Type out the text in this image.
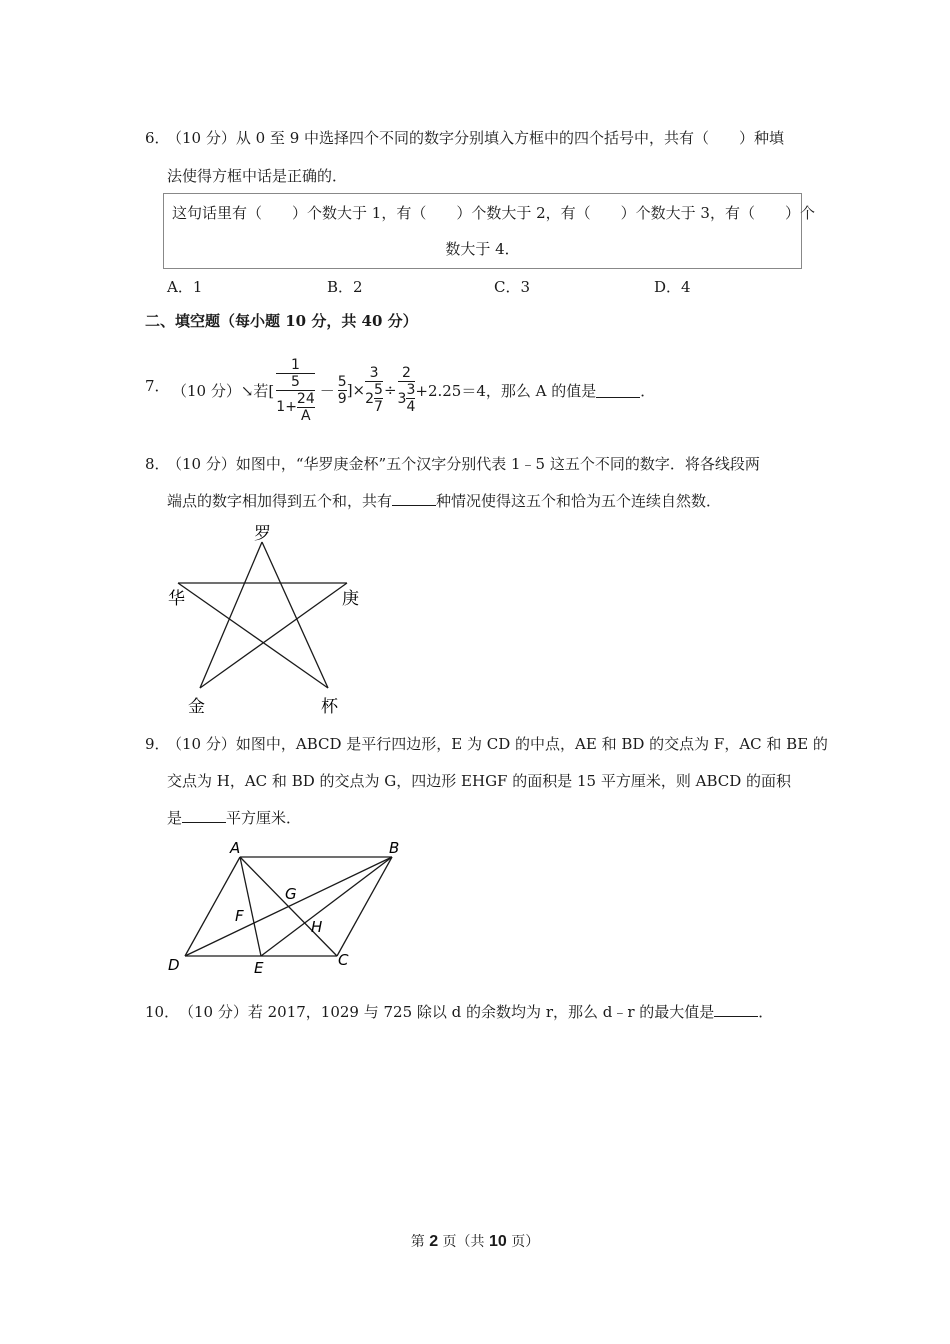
6．
（10 分）从 0 至 9 中选择四个不同的数字分别填入方框中的四个括号中，共有（　　）种填
法使得方框中话是正确的．
这句话里有（　　）个数大于 1，有（　　）个数大于 2，有（　　）个数大于 3，有（　　）个
数大于 4．
A．1	B．2	C．3	D．4
二、填空题（每小题 10 分，共 40 分）
7． （10 分）↘若[
1
5
$1+ \frac{24}{A} - \frac{5}{9}$ ]× $\frac{3}{2 \frac{5}{7}} \div \frac{2}{3 \frac{3}{4}} +2.25=4$，那么 A 的值是	．
8．
（10 分）如图中，“华罗庚金杯”五个汉字分别代表 1﹣5 这五个不同的数字．将各线段两
端点的数字相加得到五个和，共有	种情况使得这五个和恰为五个连续自然数．
罗
华	庚
金	杯
9．
（10 分）如图中，ABCD 是平行四边形，E 为 CD 的中点，AE 和 BD 的交点为 F，AC 和 BE 的
交点为 H，AC 和 BD 的交点为 G，四边形 EHGF 的面积是 15 平方厘米，则 ABCD 的面积
是	平方厘米．
A	B
C
D	E
F
G
H
10． （10 分）若 2017，1029 与 725 除以 d 的余数均为 r，那么 d﹣r 的最大值是	．
第 2 页（共 10 页）
